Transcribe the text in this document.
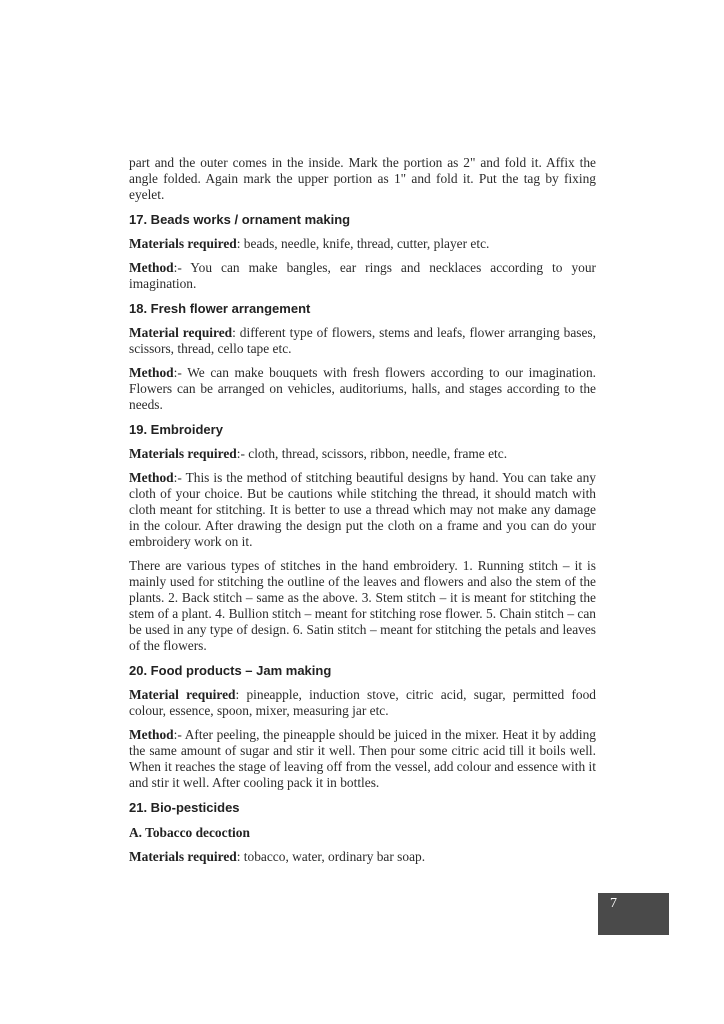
part and the outer comes in the inside. Mark the portion as 2" and fold it. Affix the angle folded. Again mark the upper portion as 1" and fold it. Put the tag by fixing eyelet.

17. Beads works / ornament making

Materials required: beads, needle, knife, thread, cutter, player etc.

Method:- You can make bangles, ear rings and necklaces according to your imagination.

18. Fresh flower arrangement

Material required: different type of flowers, stems and leafs, flower arranging bases, scissors, thread, cello tape etc.

Method:- We can make bouquets with fresh flowers according to our imagination. Flowers can be arranged on vehicles, auditoriums, halls, and stages according to the needs.

19. Embroidery

Materials required:- cloth, thread, scissors, ribbon, needle, frame etc.

Method:- This is the method of stitching beautiful designs by hand. You can take any cloth of your choice. But be cautions while stitching the thread, it should match with cloth meant for stitching. It is better to use a thread which may not make any damage in the colour. After drawing the design put the cloth on a frame and you can do your embroidery work on it.

There are various types of stitches in the hand embroidery. 1. Running stitch – it is mainly used for stitching the outline of the leaves and flowers and also the stem of the plants. 2. Back stitch – same as the above. 3. Stem stitch – it is meant for stitching the stem of a plant. 4. Bullion stitch – meant for stitching rose flower. 5. Chain stitch – can be used in any type of design. 6. Satin stitch – meant for stitching the petals and leaves of the flowers.

20. Food products – Jam making

Material required: pineapple, induction stove, citric acid, sugar, permitted food colour, essence, spoon, mixer, measuring jar etc.

Method:- After peeling, the pineapple should be juiced in the mixer. Heat it by adding the same amount of sugar and stir it well. Then pour some citric acid till it boils well. When it reaches the stage of leaving off from the vessel, add colour and essence with it and stir it well. After cooling pack it in bottles.

21. Bio-pesticides
A. Tobacco decoction

Materials required: tobacco, water, ordinary bar soap.

7
